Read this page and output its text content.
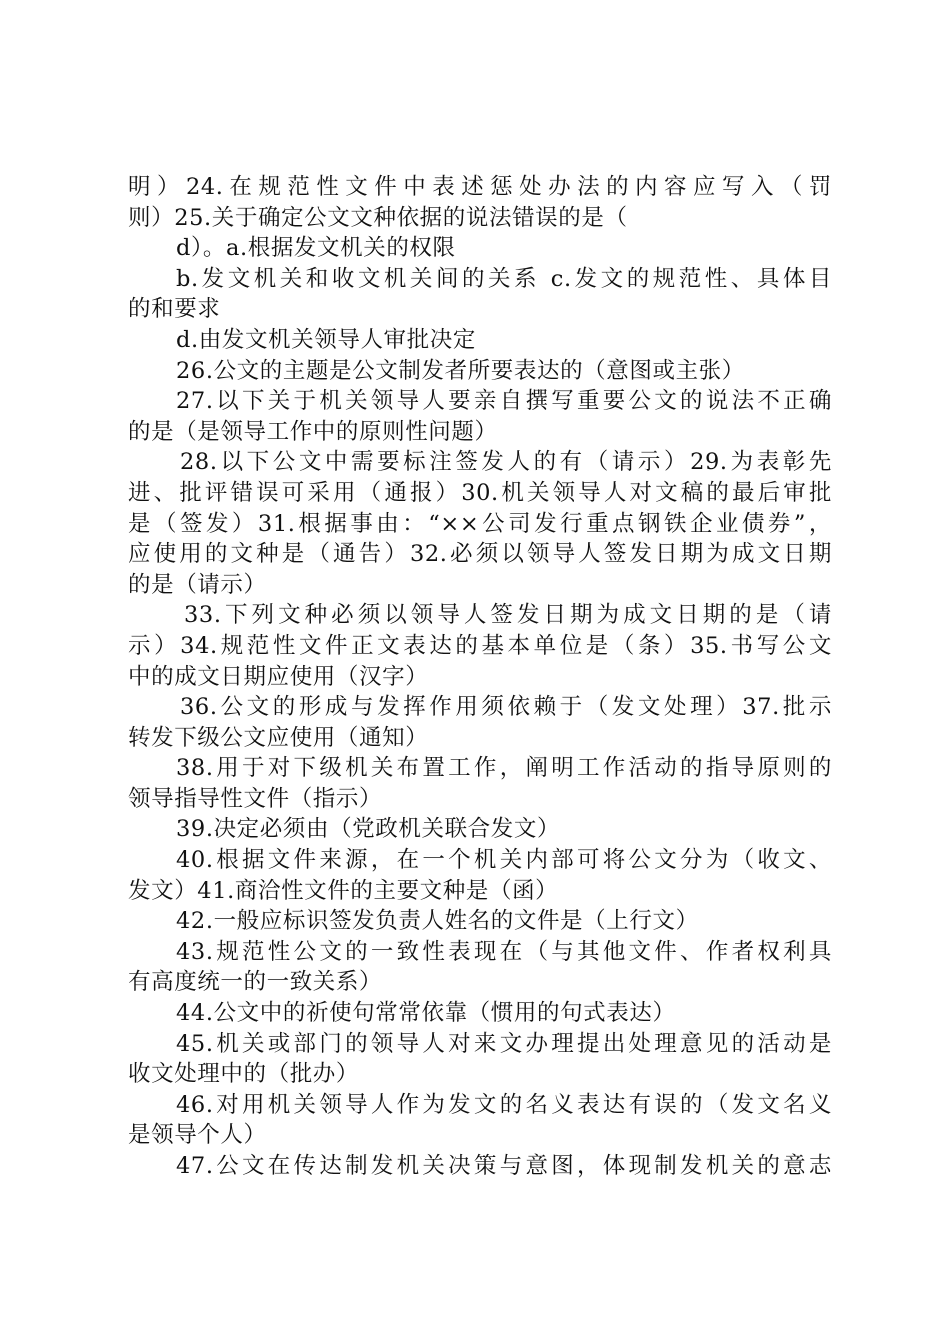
明）24.在规范性文件中表述惩处办法的内容应写入（罚
则）25.关于确定公文文种依据的说法错误的是（
d）。a.根据发文机关的权限
b.发文机关和收文机关间的关系 c.发文的规范性、具体目
的和要求
d.由发文机关领导人审批决定
26.公文的主题是公文制发者所要表达的（意图或主张）
27.以下关于机关领导人要亲自撰写重要公文的说法不正确
的是（是领导工作中的原则性问题）
28.以下公文中需要标注签发人的有（请示）29.为表彰先
进、批评错误可采用（通报）30.机关领导人对文稿的最后审批
是（签发）31.根据事由：“××公司发行重点钢铁企业债券”，
应使用的文种是（通告）32.必须以领导人签发日期为成文日期
的是（请示）
33.下列文种必须以领导人签发日期为成文日期的是（请
示）34.规范性文件正文表达的基本单位是（条）35.书写公文
中的成文日期应使用（汉字）
36.公文的形成与发挥作用须依赖于（发文处理）37.批示
转发下级公文应使用（通知）
38.用于对下级机关布置工作，阐明工作活动的指导原则的
领导指导性文件（指示）
39.决定必须由（党政机关联合发文）
40.根据文件来源，在一个机关内部可将公文分为（收文、
发文）41.商洽性文件的主要文种是（函）
42.一般应标识签发负责人姓名的文件是（上行文）
43.规范性公文的一致性表现在（与其他文件、作者权利具
有高度统一的一致关系）
44.公文中的祈使句常常依靠（惯用的句式表达）
45.机关或部门的领导人对来文办理提出处理意见的活动是
收文处理中的（批办）
46.对用机关领导人作为发文的名义表达有误的（发文名义
是领导个人）
47.公文在传达制发机关决策与意图，体现制发机关的意志
